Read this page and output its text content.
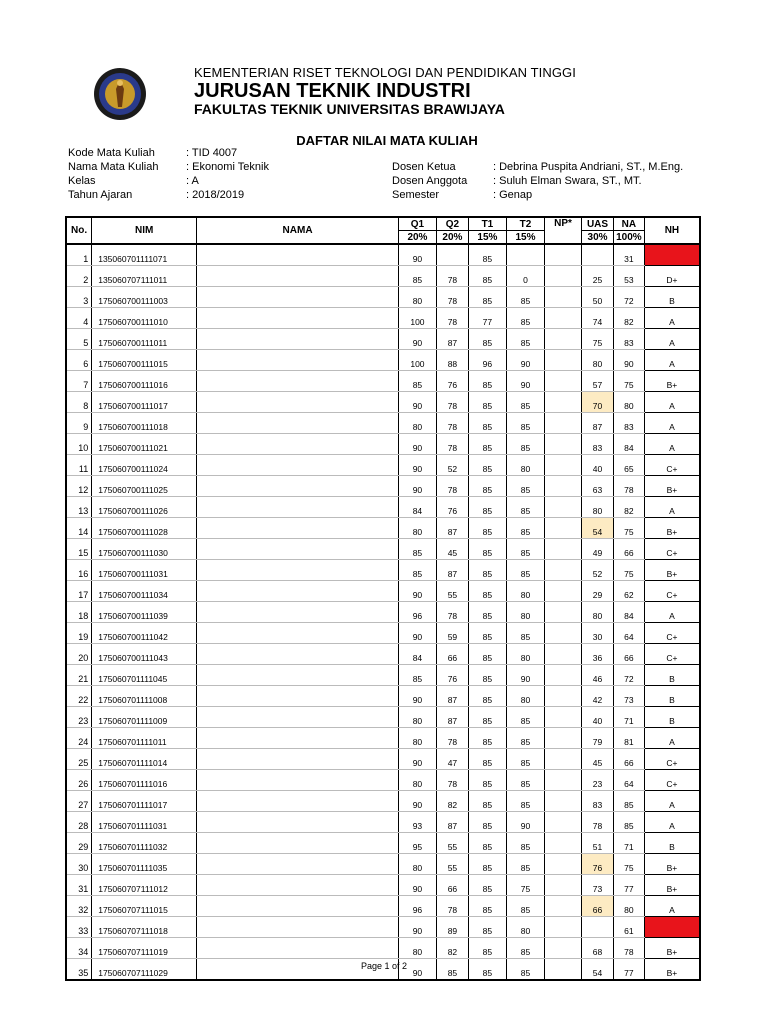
KEMENTERIAN RISET TEKNOLOGI DAN PENDIDIKAN TINGGI
JURUSAN TEKNIK INDUSTRI
FAKULTAS TEKNIK UNIVERSITAS BRAWIJAYA
DAFTAR NILAI MATA KULIAH
Kode Mata Kuliah	: TID 4007
Nama Mata Kuliah	: Ekonomi Teknik
Kelas	: A
Tahun Ajaran	: 2018/2019
Dosen Ketua	: Debrina Puspita Andriani, ST., M.Eng.
Dosen Anggota : Suluh Elman Swara, ST., MT.
Semester	: Genap
No.	NIM	NAMA	Q1	Q2	T1	T2	NP*	UAS	NA	NH
			20%	20%	15%	15%		30%	100%	
1	135060701111071		90		85				31	E
2	135060707111011		85	78	85	0		25	53	D+
3	175060700111003		80	78	85	85		50	72	B
4	175060700111010		100	78	77	85		74	82	A
5	175060700111011		90	87	85	85		75	83	A
6	175060700111015		100	88	96	90		80	90	A
7	175060700111016		85	76	85	90		57	75	B+
8	175060700111017		90	78	85	85		70	80	A
9	175060700111018		80	78	85	85		87	83	A
10	175060700111021		90	78	85	85		83	84	A
11	175060700111024		90	52	85	80		40	65	C+
12	175060700111025		90	78	85	85		63	78	B+
13	175060700111026		84	76	85	85		80	82	A
14	175060700111028		80	87	85	85		54	75	B+
15	175060700111030		85	45	85	85		49	66	C+
16	175060700111031		85	87	85	85		52	75	B+
17	175060700111034		90	55	85	80		29	62	C+
18	175060700111039		96	78	85	80		80	84	A
19	175060700111042		90	59	85	85		30	64	C+
20	175060700111043		84	66	85	80		36	66	C+
21	175060701111045		85	76	85	90		46	72	B
22	175060701111008		90	87	85	80		42	73	B
23	175060701111009		80	87	85	85		40	71	B
24	175060701111011		80	78	85	85		79	81	A
25	175060701111014		90	47	85	85		45	66	C+
26	175060701111016		80	78	85	85		23	64	C+
27	175060701111017		90	82	85	85		83	85	A
28	175060701111031		93	87	85	90		78	85	A
29	175060701111032		95	55	85	85		51	71	B
30	175060701111035		80	55	85	85		76	75	B+
31	175060707111012		90	66	85	75		73	77	B+
32	175060707111015		96	78	85	85		66	80	A
33	175060707111018		90	89	85	80			61	E
34	175060707111019		80	82	85	85		68	78	B+
35	175060707111029		90	85	85	85		54	77	B+
Page 1 of 2
